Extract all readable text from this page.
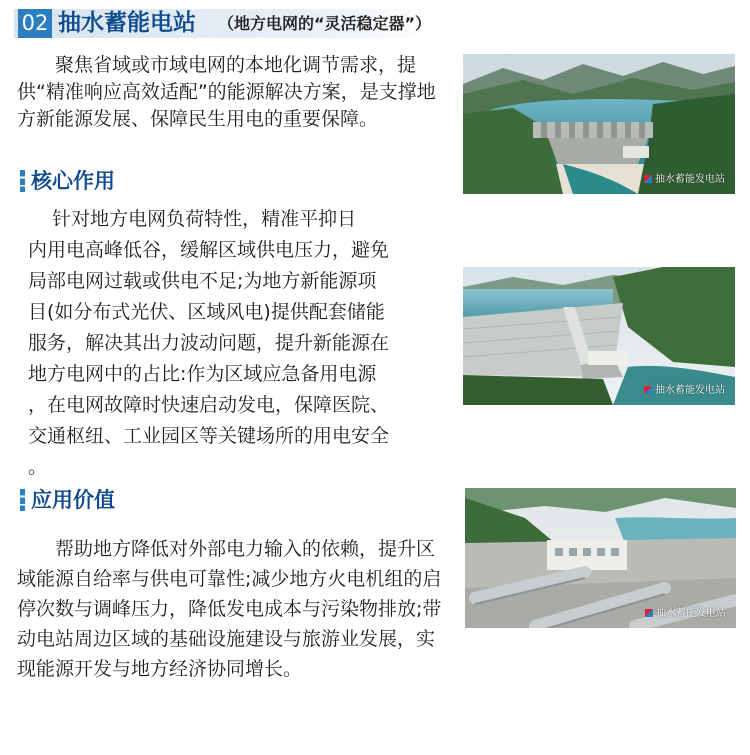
02 抽水蓄能电站 （地方电网的“灵活稳定器”）

聚焦省域或市域电网的本地化调节需求，提供“精准响应高效适配”的能源解决方案，是支撑地方新能源发展、保障民生用电的重要保障。

核心作用
针对地方电网负荷特性，精准平抑日
内用电高峰低谷，缓解区域供电压力，避免
局部电网过载或供电不足;为地方新能源项
目(如分布式光伏、区域风电)提供配套储能
服务，解决其出力波动问题，提升新能源在
地方电网中的占比:作为区域应急备用电源
，在电网故障时快速启动发电，保障医院、
交通枢纽、工业园区等关键场所的用电安全
。
应用价值

帮助地方降低对外部电力输入的依赖，提升区域能源自给率与供电可靠性;减少地方火电机组的启停次数与调峰压力，降低发电成本与污染物排放;带动电站周边区域的基础设施建设与旅游业发展，实现能源开发与地方经济协同增长。

抽水蓄能发电站
抽水蓄能发电站
抽水蓄能发电站
